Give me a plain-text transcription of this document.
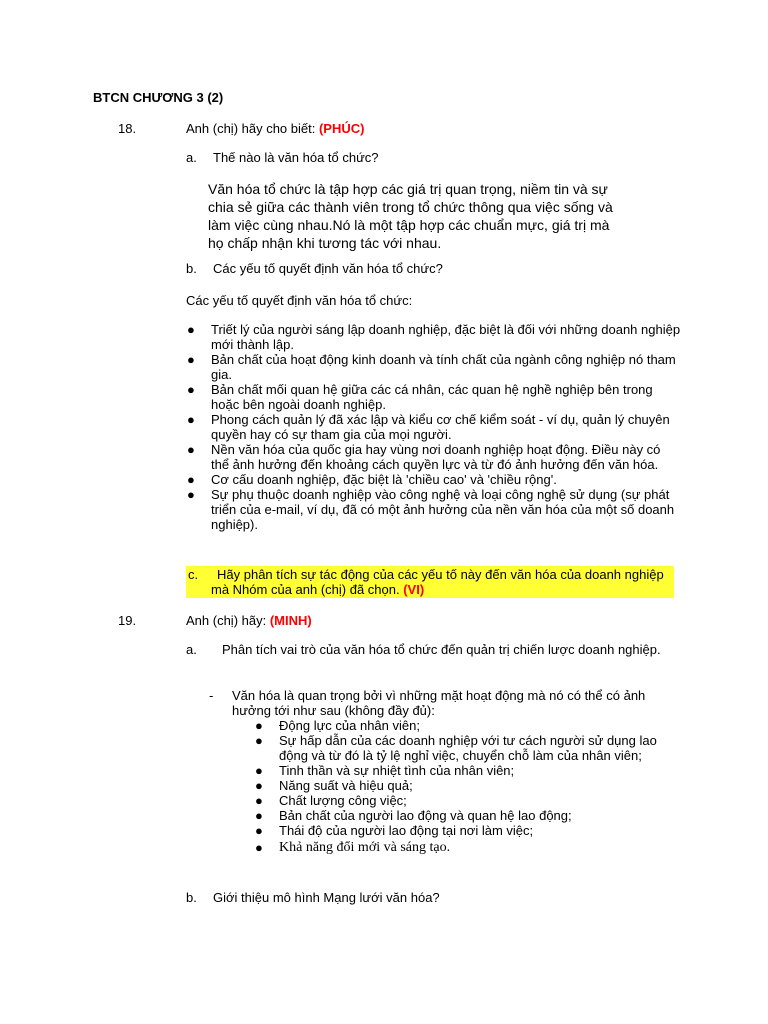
BTCN CHƯƠNG 3 (2)
18.	Anh (chị) hãy cho biết: (PHÚC)
a. Thế nào là văn hóa tổ chức?
Văn hóa tổ chức là tập hợp các giá trị quan trọng, niềm tin và sự chia sẻ giữa các thành viên trong tổ chức thông qua việc sống và làm việc cùng nhau.Nó là một tập hợp các chuẩn mực, giá trị mà họ chấp nhận khi tương tác với nhau.
b. Các yếu tố quyết định văn hóa tổ chức?
Các yếu tố quyết định văn hóa tổ chức:
● Triết lý của người sáng lập doanh nghiệp, đặc biệt là đối với những doanh nghiệp mới thành lập.
● Bản chất của hoạt động kinh doanh và tính chất của ngành công nghiệp nó tham gia.
● Bản chất mối quan hệ giữa các cá nhân, các quan hệ nghề nghiệp bên trong hoặc bên ngoài doanh nghiệp.
● Phong cách quản lý đã xác lập và kiểu cơ chế kiểm soát - ví dụ, quản lý chuyên quyền hay có sự tham gia của mọi người.
● Nền văn hóa của quốc gia hay vùng nơi doanh nghiệp hoạt động. Điều này có thể ảnh hưởng đến khoảng cách quyền lực và từ đó ảnh hưởng đến văn hóa.
● Cơ cấu doanh nghiệp, đặc biệt là 'chiều cao' và 'chiều rộng'.
● Sự phụ thuộc doanh nghiệp vào công nghệ và loại công nghệ sử dụng (sự phát triển của e-mail, ví dụ, đã có một ảnh hưởng của nền văn hóa của một số doanh nghiệp).
c.	Hãy phân tích sự tác động của các yếu tố này đến văn hóa của doanh nghiệp mà Nhóm của anh (chị) đã chọn. (VI)
19.	Anh (chị) hãy: (MINH)
a.	Phân tích vai trò của văn hóa tổ chức đến quản trị chiến lược doanh nghiệp.
- Văn hóa là quan trọng bởi vì những mặt hoạt động mà nó có thể có ảnh hưởng tới như sau (không đầy đủ):
● Động lực của nhân viên;
● Sự hấp dẫn của các doanh nghiệp với tư cách người sử dụng lao động và từ đó là tỷ lệ nghỉ việc, chuyển chỗ làm của nhân viên;
● Tinh thần và sự nhiệt tình của nhân viên;
● Năng suất và hiệu quả;
● Chất lượng công việc;
● Bản chất của người lao động và quan hệ lao động;
● Thái độ của người lao động tại nơi làm việc;
● Khả năng đổi mới và sáng tạo.
b. Giới thiệu mô hình Mạng lưới văn hóa?
